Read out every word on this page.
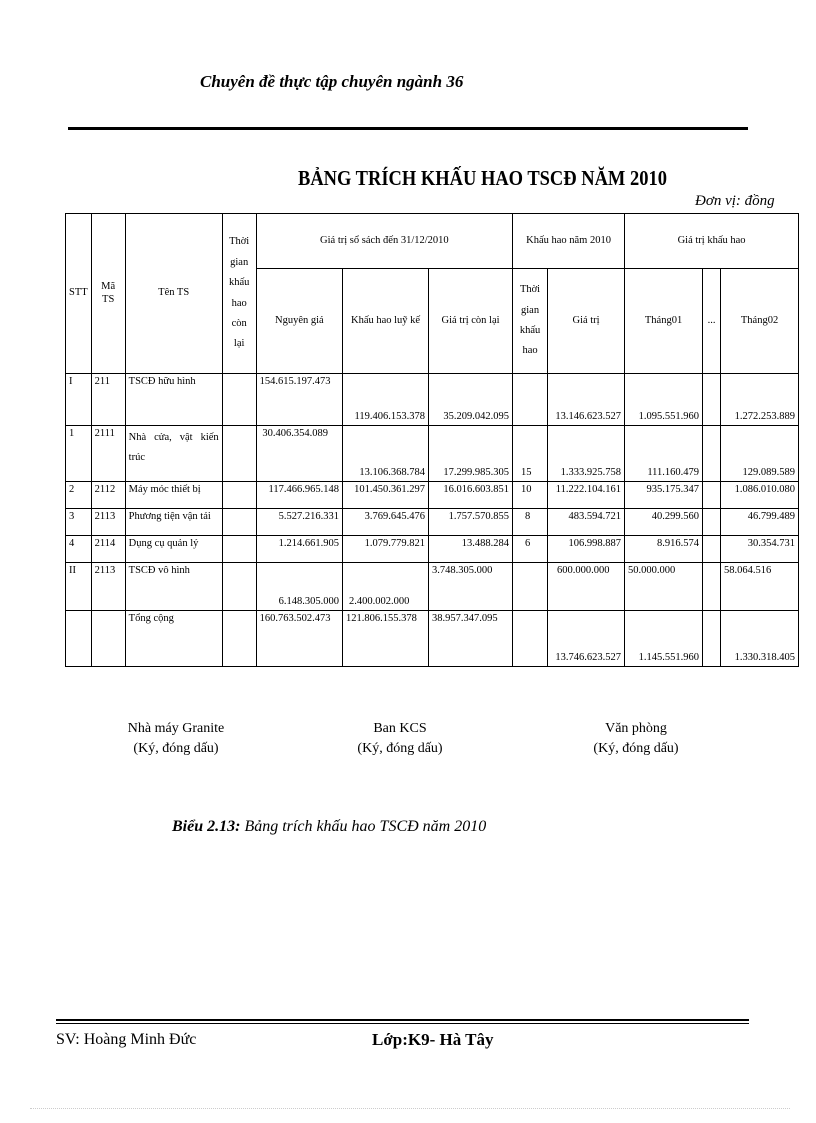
Chuyên đề thực tập chuyên ngành 36
BẢNG TRÍCH KHẤU HAO TSCĐ NĂM 2010
Đơn vị: đồng
STT	Mã TS	Tên TS	Thời gian khấu hao còn lại	Giá trị sổ sách đến 31/12/2010			Khấu hao năm 2010		Giá trị khấu hao		
				Nguyên giá	Khấu hao luỹ kế	Giá trị còn lại	Thời gian khấu hao	Giá trị	Tháng01	...	Tháng02
I	211	TSCĐ hữu hình		154.615.197.473	119.406.153.378	35.209.042.095		13.146.623.527	1.095.551.960		1.272.253.889
1	2111	Nhà cửa, vật kiến trúc		30.406.354.089	13.106.368.784	17.299.985.305	15	1.333.925.758	111.160.479		129.089.589
2	2112	Máy móc thiết bị		117.466.965.148	101.450.361.297	16.016.603.851	10	11.222.104.161	935.175.347		1.086.010.080
3	2113	Phương tiện vận tải		5.527.216.331	3.769.645.476	1.757.570.855	8	483.594.721	40.299.560		46.799.489
4	2114	Dụng cụ quản lý		1.214.661.905	1.079.779.821	13.488.284	6	106.998.887	8.916.574		30.354.731
II	2113	TSCĐ vô hình		6.148.305.000	2.400.002.000	3.748.305.000		600.000.000	50.000.000		58.064.516
		Tổng cộng		160.763.502.473	121.806.155.378	38.957.347.095		13.746.623.527	1.145.551.960		1.330.318.405
Nhà máy Granite
(Ký, đóng dấu)
Ban KCS
(Ký, đóng dấu)
Văn phòng
(Ký, đóng dấu)
Biểu 2.13: Bảng trích khấu hao TSCĐ năm 2010
SV: Hoàng Minh Đức	Lớp:K9- Hà Tây
